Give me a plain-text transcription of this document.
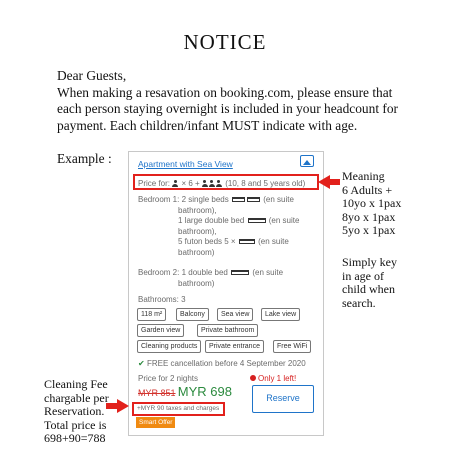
NOTICE

Dear Guests,

When making a resavation on booking.com, please ensure that

each person staying overnight is included in your headcount for

payment. Each children/infant MUST indicate with age.

Example :	Apartment with Sea View
Price for: × 6 +	(10, 8 and 5 years old)
Bedroom 1: 2 single beds	(en suite
bathroom),
1 large double bed	(en suite
bathroom),
5 futon beds 5 ×	(en suite
bathroom)
Bedroom 2: 1 double bed	(en suite
bathroom)
Bathrooms: 3
118 m²	Balcony	Sea view	Lake view
Garden view	Private bathroom
Cleaning products	Private entrance	Free WiFi
✔ FREE cancellation before 4 September 2020
Price for 2 nights
MYR 851 MYR 698
Only 1 left!
+MYR 90 taxes and charges
Reserve
Smart Offer
Meaning
6 Adults +
10yo x 1pax
8yo x 1pax
5yo x 1pax
Simply key
in age of
child when
search.
Cleaning Fee
chargable per
Reservation.
Total price is
698+90=788
